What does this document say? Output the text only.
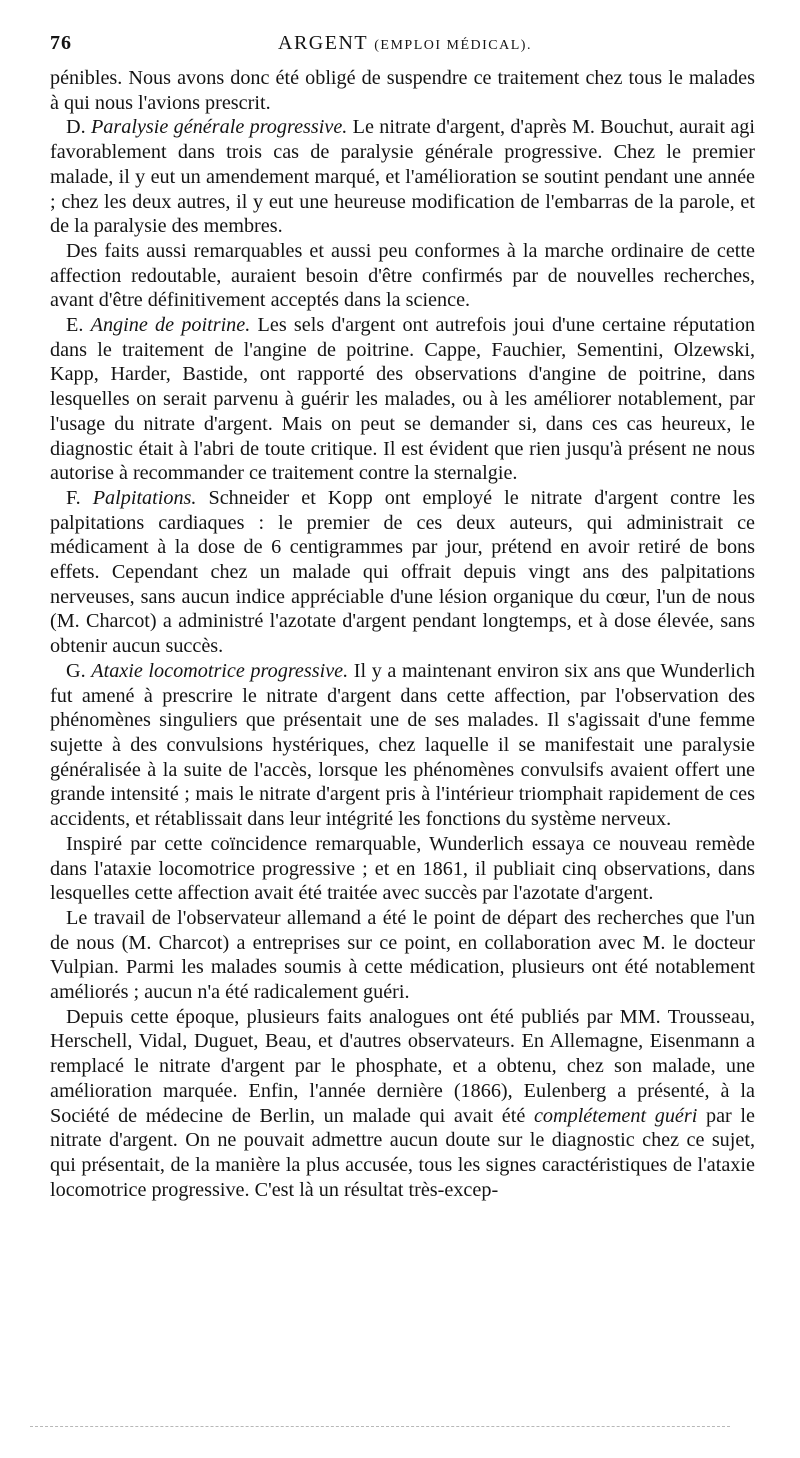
76	ARGENT (EMPLOI MÉDICAL).

pénibles. Nous avons donc été obligé de suspendre ce traitement chez tous le malades à qui nous l'avions prescrit.

D. Paralysie générale progressive. Le nitrate d'argent, d'après M. Bouchut, aurait agi favorablement dans trois cas de paralysie générale progressive. Chez le premier malade, il y eut un amendement marqué, et l'amélioration se soutint pendant une année ; chez les deux autres, il y eut une heureuse modification de l'embarras de la parole, et de la paralysie des membres.

Des faits aussi remarquables et aussi peu conformes à la marche ordinaire de cette affection redoutable, auraient besoin d'être confirmés par de nouvelles recherches, avant d'être définitivement acceptés dans la science.

E. Angine de poitrine. Les sels d'argent ont autrefois joui d'une certaine réputation dans le traitement de l'angine de poitrine. Cappe, Fauchier, Sementini, Olzewski, Kapp, Harder, Bastide, ont rapporté des observations d'angine de poitrine, dans lesquelles on serait parvenu à guérir les malades, ou à les améliorer notablement, par l'usage du nitrate d'argent. Mais on peut se demander si, dans ces cas heureux, le diagnostic était à l'abri de toute critique. Il est évident que rien jusqu'à présent ne nous autorise à recommander ce traitement contre la sternalgie.

F. Palpitations. Schneider et Kopp ont employé le nitrate d'argent contre les palpitations cardiaques : le premier de ces deux auteurs, qui administrait ce médicament à la dose de 6 centigrammes par jour, prétend en avoir retiré de bons effets. Cependant chez un malade qui offrait depuis vingt ans des palpitations nerveuses, sans aucun indice appréciable d'une lésion organique du cœur, l'un de nous (M. Charcot) a administré l'azotate d'argent pendant longtemps, et à dose élevée, sans obtenir aucun succès.

G. Ataxie locomotrice progressive. Il y a maintenant environ six ans que Wunderlich fut amené à prescrire le nitrate d'argent dans cette affection, par l'observation des phénomènes singuliers que présentait une de ses malades. Il s'agissait d'une femme sujette à des convulsions hystériques, chez laquelle il se manifestait une paralysie généralisée à la suite de l'accès, lorsque les phénomènes convulsifs avaient offert une grande intensité ; mais le nitrate d'argent pris à l'intérieur triomphait rapidement de ces accidents, et rétablissait dans leur intégrité les fonctions du système nerveux.

Inspiré par cette coïncidence remarquable, Wunderlich essaya ce nouveau remède dans l'ataxie locomotrice progressive ; et en 1861, il publiait cinq observations, dans lesquelles cette affection avait été traitée avec succès par l'azotate d'argent.

Le travail de l'observateur allemand a été le point de départ des recherches que l'un de nous (M. Charcot) a entreprises sur ce point, en collaboration avec M. le docteur Vulpian. Parmi les malades soumis à cette médication, plusieurs ont été notablement améliorés ; aucun n'a été radicalement guéri.

Depuis cette époque, plusieurs faits analogues ont été publiés par MM. Trousseau, Herschell, Vidal, Duguet, Beau, et d'autres observateurs. En Allemagne, Eisenmann a remplacé le nitrate d'argent par le phosphate, et a obtenu, chez son malade, une amélioration marquée. Enfin, l'année dernière (1866), Eulenberg a présenté, à la Société de médecine de Berlin, un malade qui avait été complétement guéri par le nitrate d'argent. On ne pouvait admettre aucun doute sur le diagnostic chez ce sujet, qui présentait, de la manière la plus accusée, tous les signes caractéristiques de l'ataxie locomotrice progressive. C'est là un résultat très-excep-
